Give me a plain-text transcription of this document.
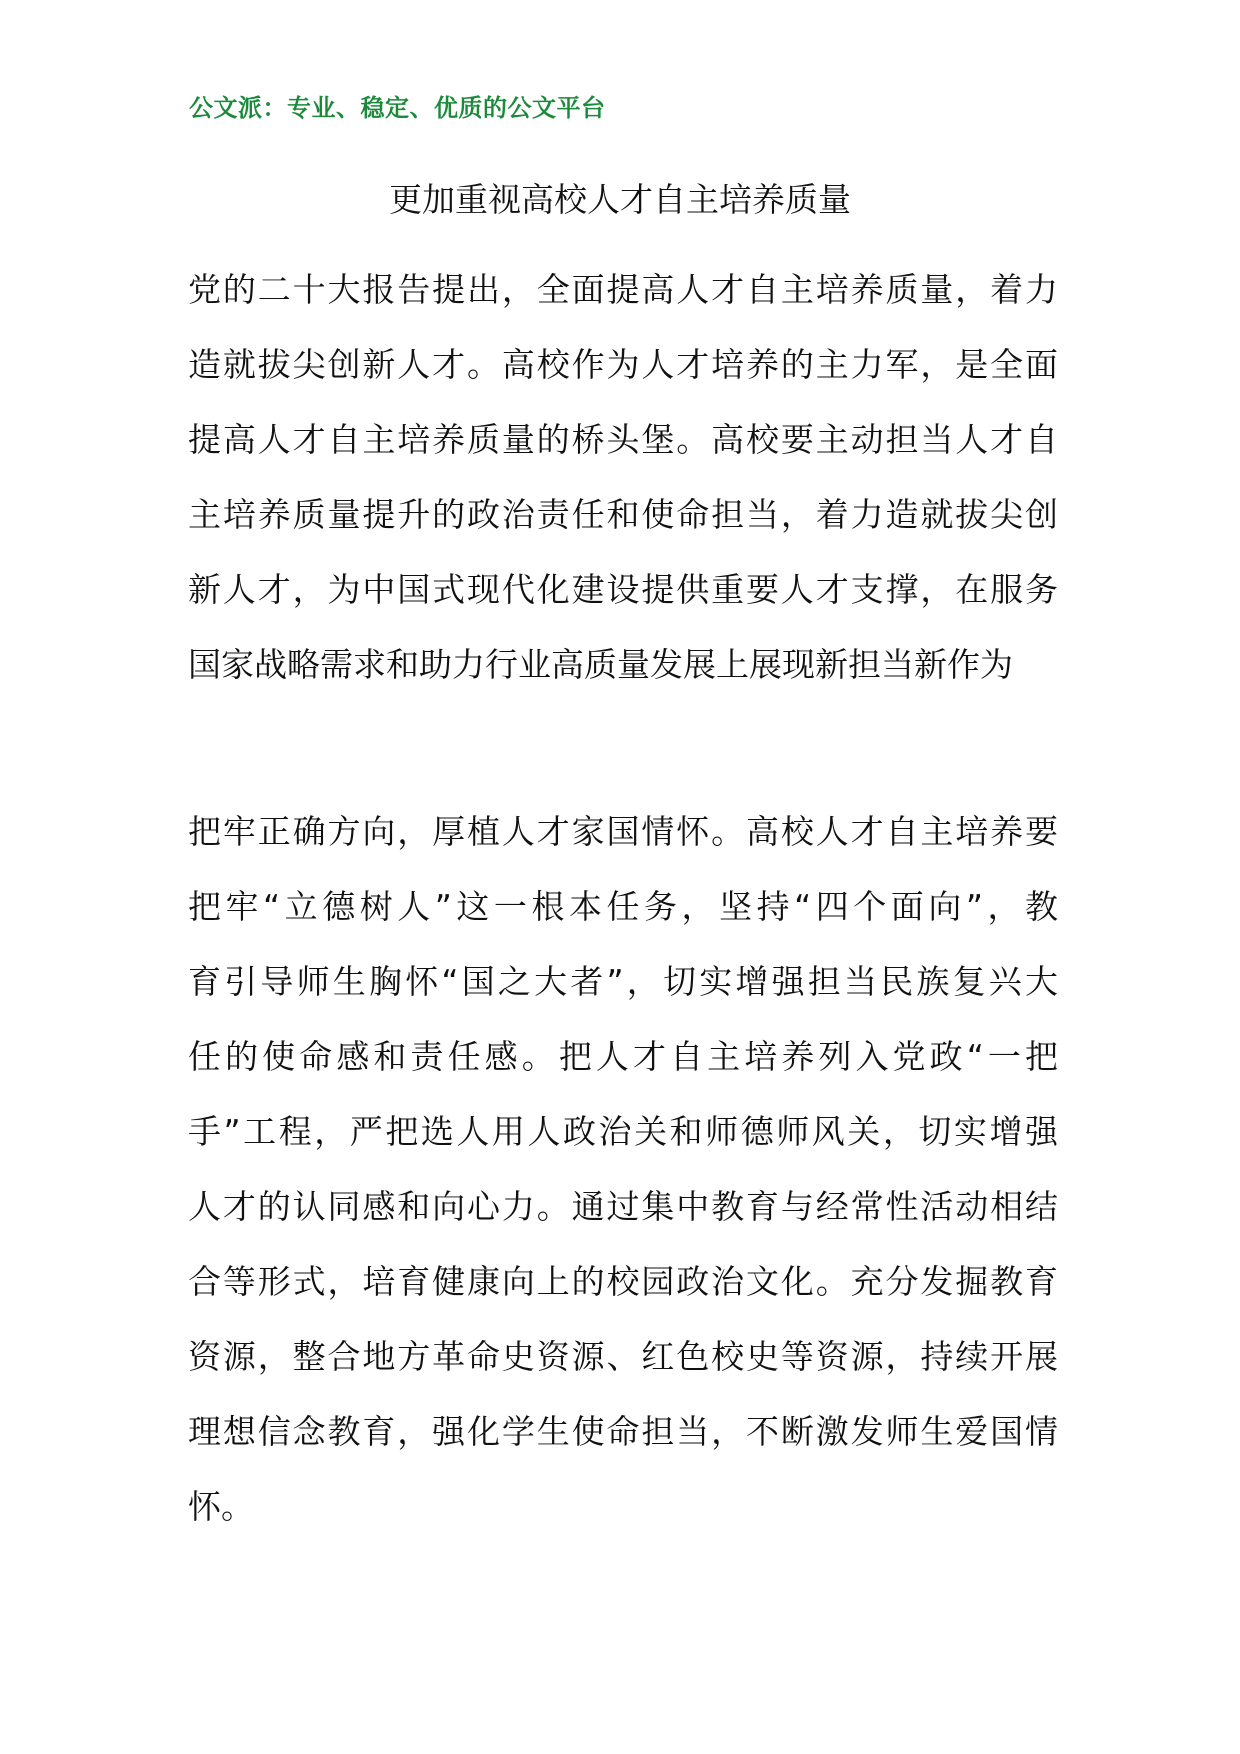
公文派：专业、稳定、优质的公文平台
更加重视高校人才自主培养质量
党的二十大报告提出，全面提高人才自主培养质量，着力
造就拔尖创新人才。高校作为人才培养的主力军，是全面
提高人才自主培养质量的桥头堡。高校要主动担当人才自
主培养质量提升的政治责任和使命担当，着力造就拔尖创
新人才，为中国式现代化建设提供重要人才支撑，在服务
国家战略需求和助力行业高质量发展上展现新担当新作为
把牢正确方向，厚植人才家国情怀。高校人才自主培养要
把牢“立德树人”这一根本任务，坚持“四个面向”，教
育引导师生胸怀“国之大者”，切实增强担当民族复兴大
任的使命感和责任感。把人才自主培养列入党政“一把
手”工程，严把选人用人政治关和师德师风关，切实增强
人才的认同感和向心力。通过集中教育与经常性活动相结
合等形式，培育健康向上的校园政治文化。充分发掘教育
资源，整合地方革命史资源、红色校史等资源，持续开展
理想信念教育，强化学生使命担当，不断激发师生爱国情
怀。
